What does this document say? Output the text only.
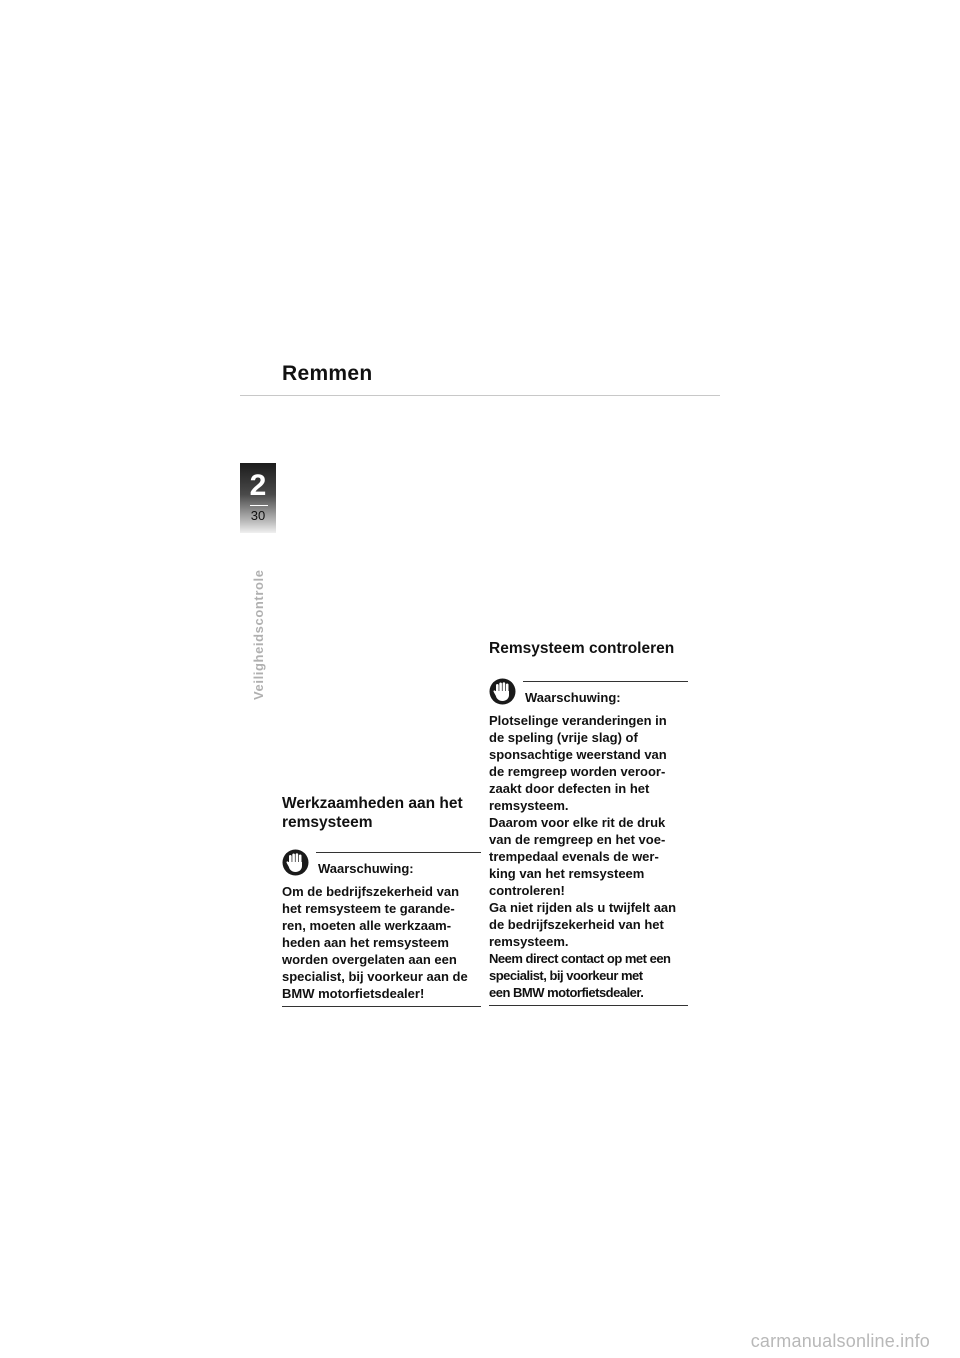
Remmen
2
30
Veiligheidscontrole
Werkzaamheden aan het
remsysteem
Waarschuwing:
Om de bedrijfszekerheid van
het remsysteem te garande-
ren, moeten alle werkzaam-
heden aan het remsysteem
worden overgelaten aan een
specialist, bij voorkeur aan de
BMW motorfietsdealer!
Remsysteem controleren
Waarschuwing:
Plotselinge veranderingen in
de speling (vrije slag) of
sponsachtige weerstand van
de remgreep worden veroor-
zaakt door defecten in het
remsysteem.
Daarom voor elke rit de druk
van de remgreep en het voe-
trempedaal evenals de wer-
king van het remsysteem
controleren!
Ga niet rijden als u twijfelt aan
de bedrijfszekerheid van het
remsysteem.
Neem direct contact op met een
specialist, bij voorkeur met
een BMW motorfietsdealer.
carmanualsonline.info
